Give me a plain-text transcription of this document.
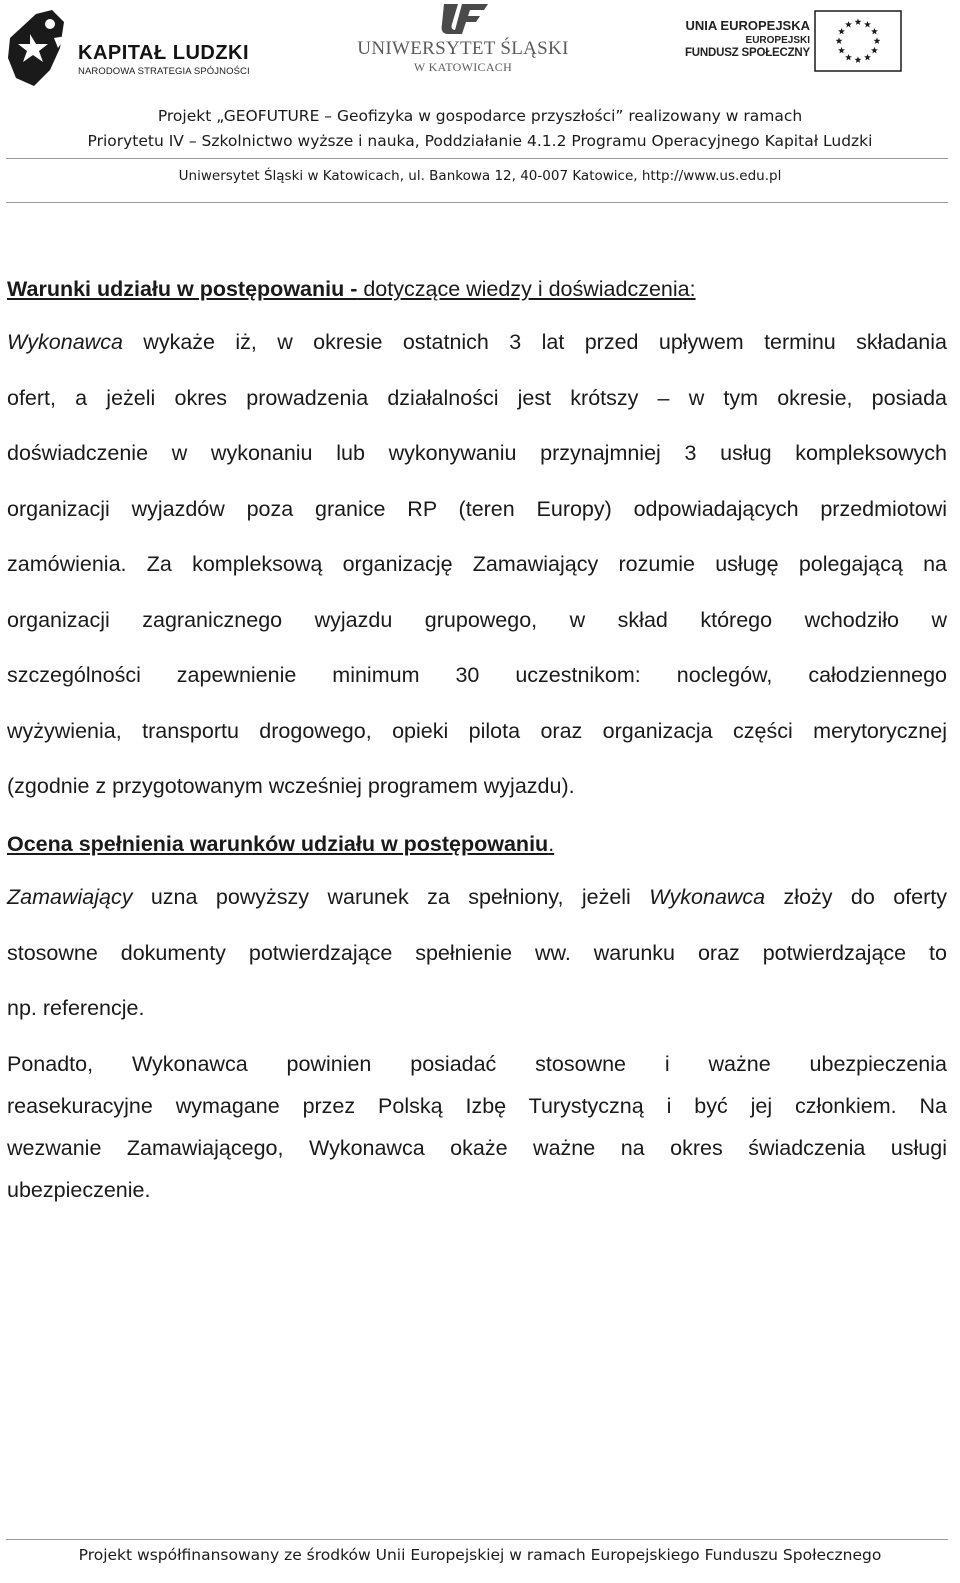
KAPITAŁ LUDZKI
NARODOWA STRATEGIA SPÓJNOŚCI
UNIWERSYTET ŚLĄSKI
W KATOWICACH
UNIA EUROPEJSKA
EUROPEJSKI
FUNDUSZ SPOŁECZNY
Projekt „GEOFUTURE – Geofizyka w gospodarce przyszłości” realizowany w ramach
Priorytetu IV – Szkolnictwo wyższe i nauka, Poddziałanie 4.1.2 Programu Operacyjnego Kapitał Ludzki
Uniwersytet Śląski w Katowicach, ul. Bankowa 12, 40-007 Katowice, http://www.us.edu.pl
Warunki udziału w postępowaniu - dotyczące wiedzy i doświadczenia:
Wykonawca wykaże iż, w okresie ostatnich 3 lat przed upływem terminu składania
ofert, a jeżeli okres prowadzenia działalności jest krótszy – w tym okresie, posiada
doświadczenie w wykonaniu lub wykonywaniu przynajmniej 3 usług kompleksowych
organizacji wyjazdów poza granice RP (teren Europy) odpowiadających przedmiotowi
zamówienia. Za kompleksową organizację Zamawiający rozumie usługę polegającą na
organizacji zagranicznego wyjazdu grupowego, w skład którego wchodziło w
szczególności zapewnienie minimum 30 uczestnikom: noclegów, całodziennego
wyżywienia, transportu drogowego, opieki pilota oraz organizacja części merytorycznej
(zgodnie z przygotowanym wcześniej programem wyjazdu).
Ocena spełnienia warunków udziału w postępowaniu.
Zamawiający uzna powyższy warunek za spełniony, jeżeli Wykonawca złoży do oferty
stosowne dokumenty potwierdzające spełnienie ww. warunku oraz potwierdzające to
np. referencje.
Ponadto, Wykonawca powinien posiadać stosowne i ważne ubezpieczenia
reasekuracyjne wymagane przez Polską Izbę Turystyczną i być jej członkiem. Na
wezwanie Zamawiającego, Wykonawca okaże ważne na okres świadczenia usługi
ubezpieczenie.
Projekt współfinansowany ze środków Unii Europejskiej w ramach Europejskiego Funduszu Społecznego
